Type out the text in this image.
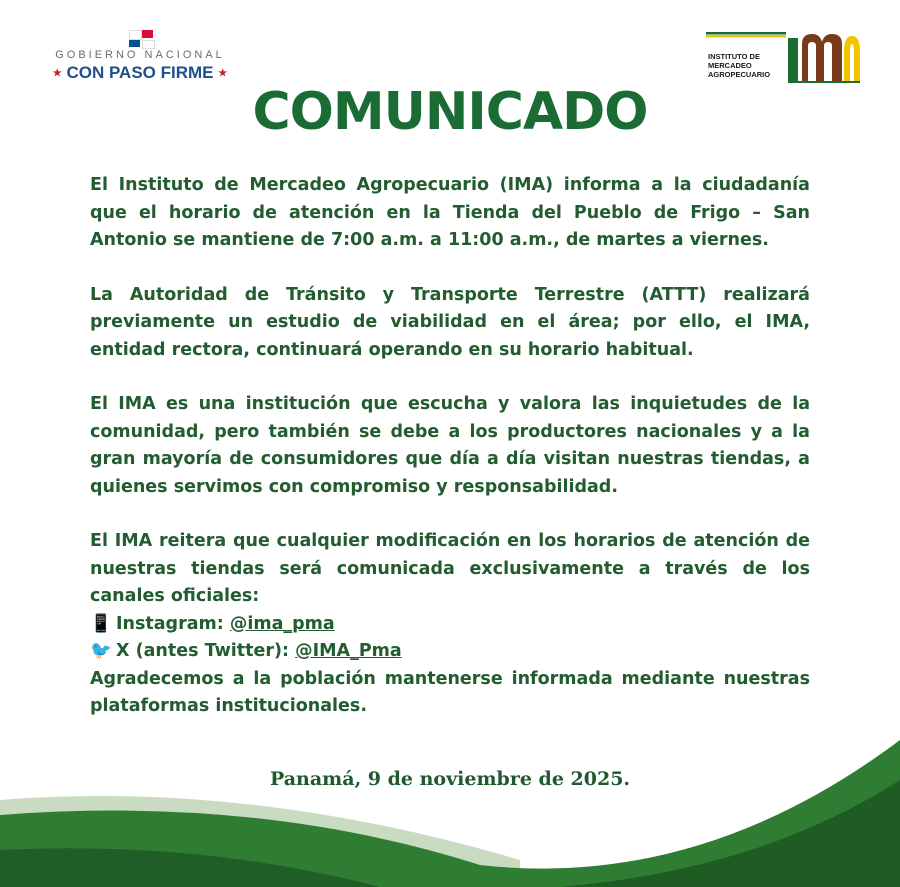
GOBIERNO NACIONAL
★ CON PASO FIRME ★
INSTITUTO DE
MERCADEO
AGROPECUARIO
COMUNICADO

El Instituto de Mercadeo Agropecuario (IMA) informa a la ciudadanía que el horario de atención en la Tienda del Pueblo de Frigo – San Antonio se mantiene de 7:00 a.m. a 11:00 a.m., de martes a viernes.

La Autoridad de Tránsito y Transporte Terrestre (ATTT) realizará previamente un estudio de viabilidad en el área; por ello, el IMA, entidad rectora, continuará operando en su horario habitual.

El IMA es una institución que escucha y valora las inquietudes de la comunidad, pero también se debe a los productores nacionales y a la gran mayoría de consumidores que día a día visitan nuestras tiendas, a quienes servimos con compromiso y responsabilidad.

El IMA reitera que cualquier modificación en los horarios de atención de nuestras tiendas será comunicada exclusivamente a través de los canales oficiales:

📱 Instagram: @ima_pma
🐦 X (antes Twitter): @IMA_Pma

Agradecemos a la población mantenerse informada mediante nuestras plataformas institucionales.

Panamá, 9 de noviembre de 2025.
